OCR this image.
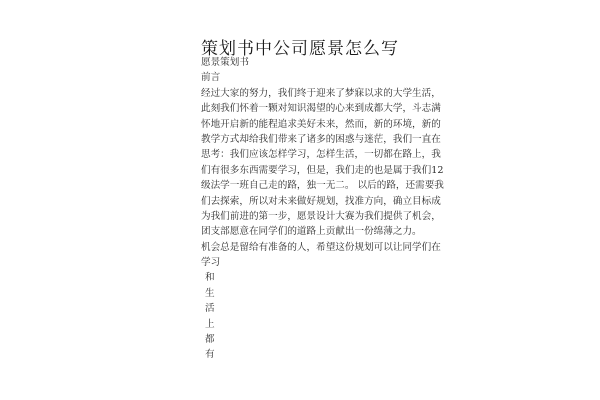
策划书中公司愿景怎么写
愿景策划书
前言
经过大家的努力，我们终于迎来了梦寐以求的大学生活，
此刻我们怀着一颗对知识渴望的心来到成都大学，斗志满
怀地开启新的能程追求美好未来，然而，新的环境，新的
教学方式却给我们带来了诸多的困惑与迷茫，我们一直在
思考：我们应该怎样学习，怎样生活，一切都在路上，我
们有很多东西需要学习，但是，我们走的也是属于我们12
级法学一班自己走的路，独一无二。 以后的路，还需要我
们去探索，所以对未来做好规划，找准方向，确立目标成
为我们前进的第一步，愿景设计大赛为我们提供了机会，
团支部愿意在同学们的道路上贡献出一份绵薄之力。
机会总是留给有准备的人，希望这份规划可以让同学们在
学习
和
生
活
上
都
有
